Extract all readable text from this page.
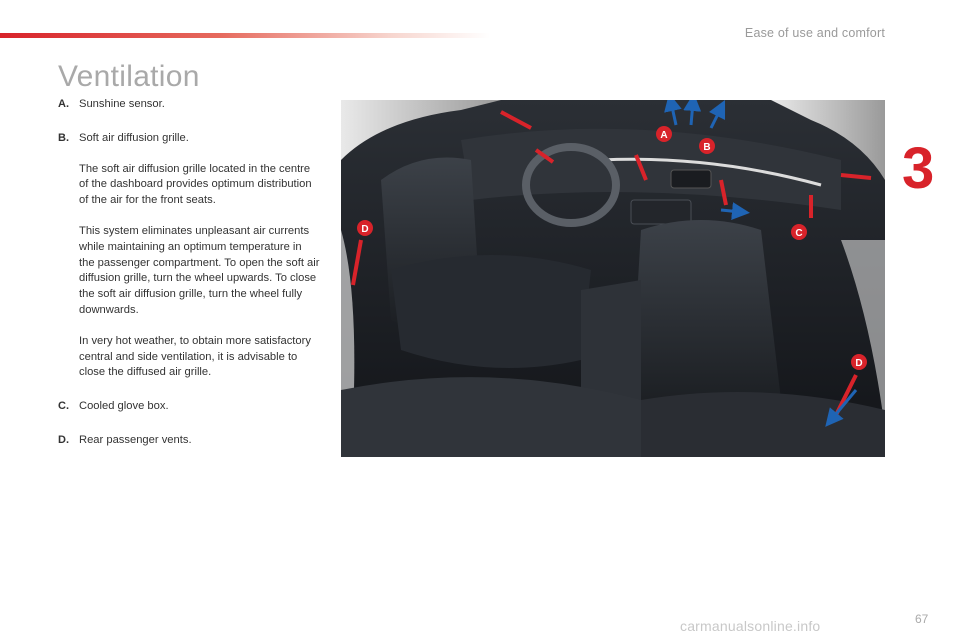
Ease of use and comfort
Ventilation
3
A. Sunshine sensor.

B. Soft air diffusion grille.

The soft air diffusion grille located in the centre of the dashboard provides optimum distribution of the air for the front seats.

This system eliminates unpleasant air currents while maintaining an optimum temperature in the passenger compartment. To open the soft air diffusion grille, turn the wheel upwards. To close the soft air diffusion grille, turn the wheel fully downwards.

In very hot weather, to obtain more satisfactory central and side ventilation, it is advisable to close the diffused air grille.

C. Cooled glove box.

D. Rear passenger vents.

A
B
C
D
D
67
carmanualsonline.info
